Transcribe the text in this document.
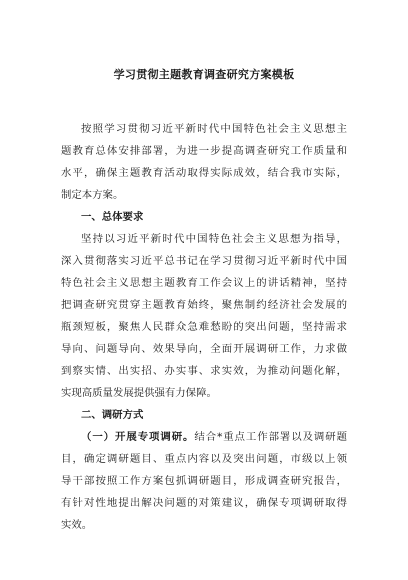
学习贯彻主题教育调查研究方案模板
按照学习贯彻习近平新时代中国特色社会主义思想主
题教育总体安排部署，为进一步提高调查研究工作质量和
水平，确保主题教育活动取得实际成效，结合我市实际，
制定本方案。
一、总体要求
坚持以习近平新时代中国特色社会主义思想为指导，
深入贯彻落实习近平总书记在学习贯彻习近平新时代中国
特色社会主义思想主题教育工作会议上的讲话精神，坚持
把调查研究贯穿主题教育始终，聚焦制约经济社会发展的
瓶颈短板，聚焦人民群众急难愁盼的突出问题，坚持需求
导向、问题导向、效果导向，全面开展调研工作，力求做
到察实情、出实招、办实事、求实效，为推动问题化解，
实现高质量发展提供强有力保障。
二、调研方式
（一）开展专项调研。结合*重点工作部署以及调研题
目，确定调研题目、重点内容以及突出问题，市级以上领
导干部按照工作方案包抓调研题目，形成调查研究报告，
有针对性地提出解决问题的对策建议，确保专项调研取得
实效。
